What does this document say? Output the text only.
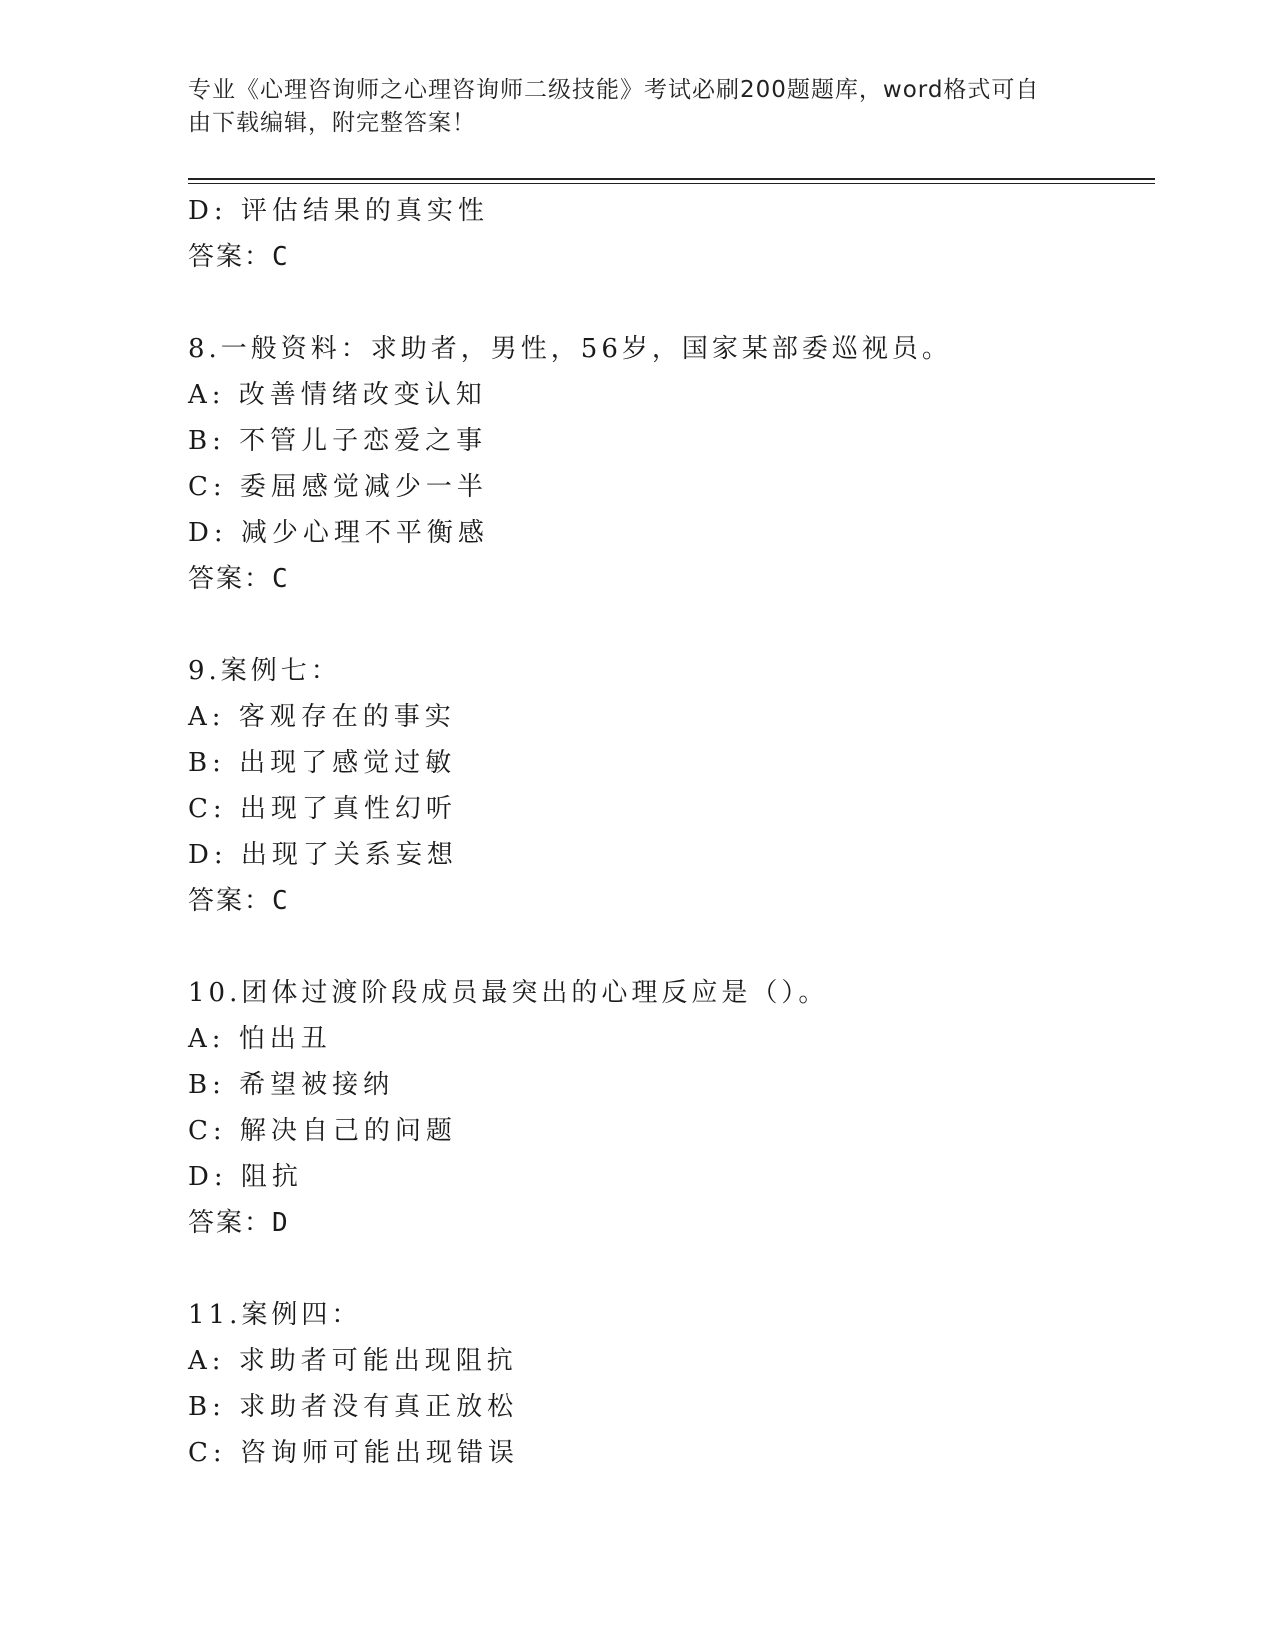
专业《心理咨询师之心理咨询师二级技能》考试必刷200题题库，word格式可自
由下载编辑，附完整答案！
D: 评估结果的真实性
答案：C
8.一般资料：求助者，男性，56岁，国家某部委巡视员。
A: 改善情绪改变认知
B: 不管儿子恋爱之事
C: 委屈感觉减少一半
D: 减少心理不平衡感
答案：C
9.案例七：
A: 客观存在的事实
B: 出现了感觉过敏
C: 出现了真性幻听
D: 出现了关系妄想
答案：C
10.团体过渡阶段成员最突出的心理反应是（）。
A: 怕出丑
B: 希望被接纳
C: 解决自己的问题
D: 阻抗
答案：D
11.案例四：
A: 求助者可能出现阻抗
B: 求助者没有真正放松
C: 咨询师可能出现错误
